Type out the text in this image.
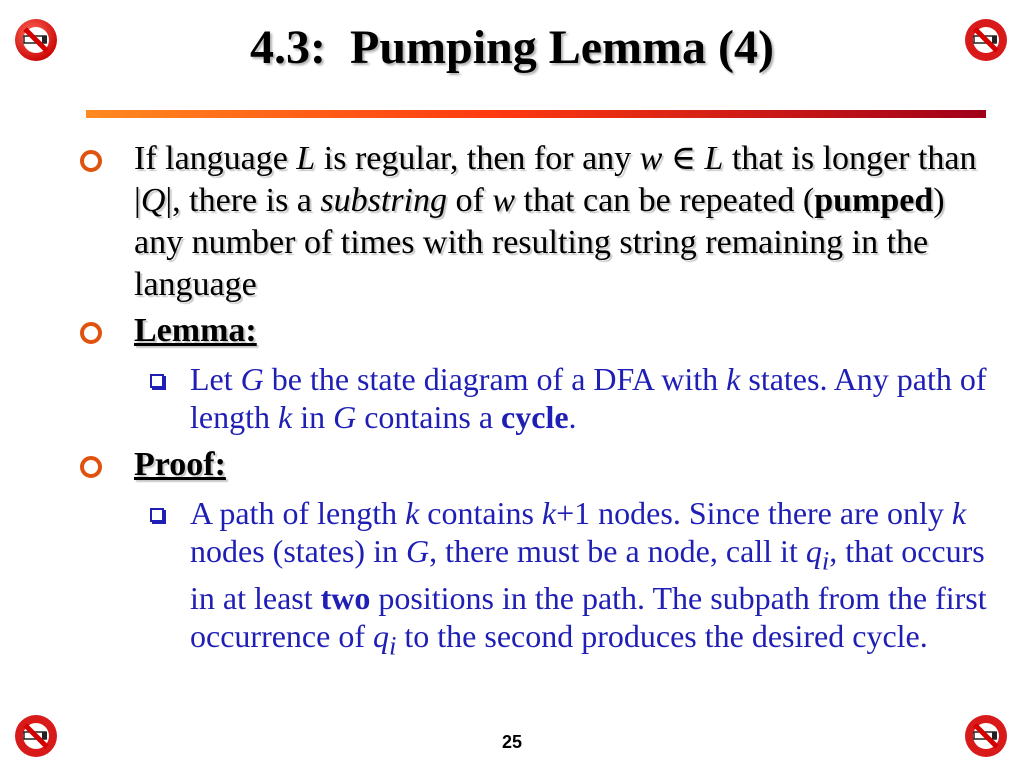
4.3:  Pumping Lemma (4)
If language L is regular, then for any w ∈ L that is longer than |Q|, there is a substring of w that can be repeated (pumped) any number of times with resulting string remaining in the language
Lemma:
Let G be the state diagram of a DFA with k states. Any path of length k in G contains a cycle.
Proof:
A path of length k contains k+1 nodes. Since there are only k nodes (states) in G, there must be a node, call it $q_i$, that occurs in at least two positions in the path. The subpath from the first occurrence of $q_i$ to the second produces the desired cycle.
25
